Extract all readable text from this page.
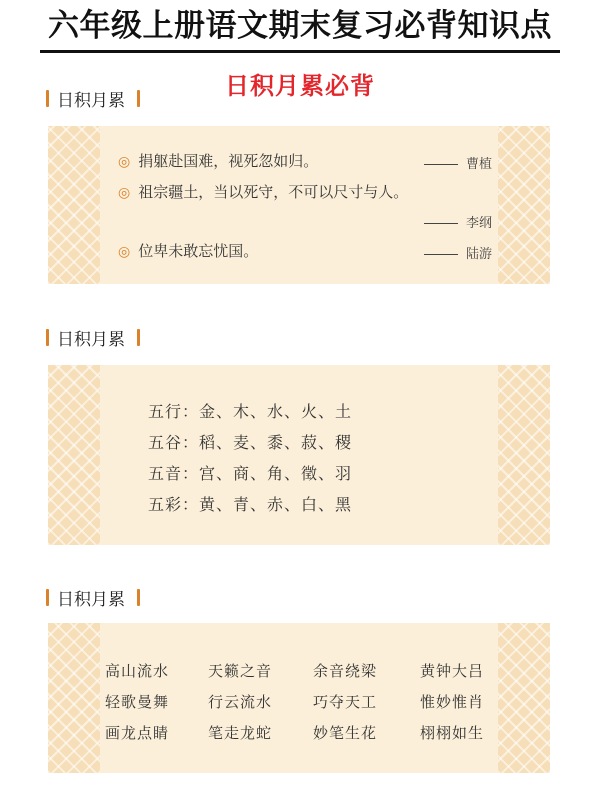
六年级上册语文期末复习必背知识点
日积月累必背
日积月累
◎ 捐躯赴国难，视死忽如归。	曹植
◎ 祖宗疆土，当以死守，不可以尺寸与人。
李纲
◎ 位卑未敢忘忧国。	陆游
日积月累
五行：金、木、水、火、土
五谷：稻、麦、黍、菽、稷
五音：宫、商、角、徵、羽
五彩：黄、青、赤、白、黑
日积月累
高山流水	天籁之音	余音绕梁	黄钟大吕
轻歌曼舞	行云流水	巧夺天工	惟妙惟肖
画龙点睛	笔走龙蛇	妙笔生花	栩栩如生
